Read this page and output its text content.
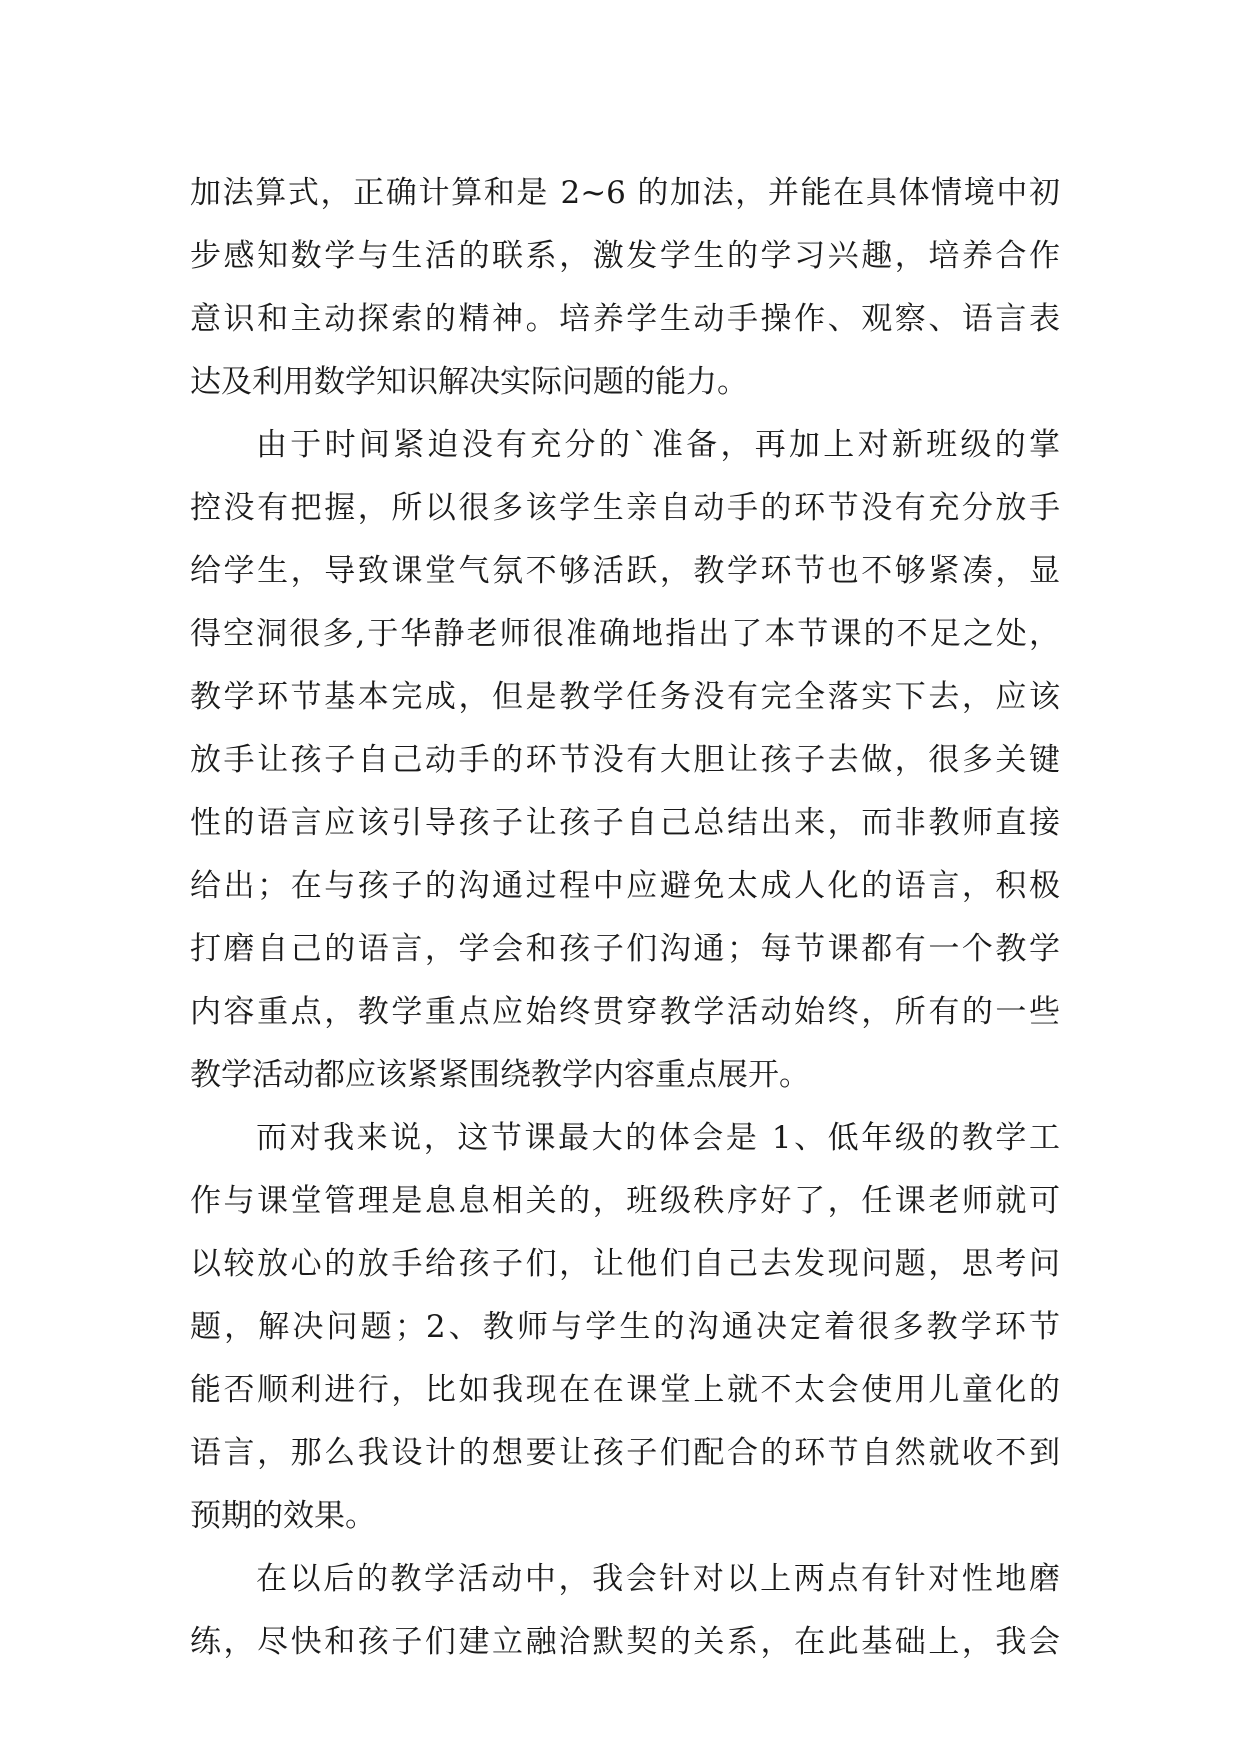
加法算式，正确计算和是 2~6 的加法，并能在具体情境中初
步感知数学与生活的联系，激发学生的学习兴趣，培养合作
意识和主动探索的精神。培养学生动手操作、观察、语言表
达及利用数学知识解决实际问题的能力。
由于时间紧迫没有充分的`准备，再加上对新班级的掌
控没有把握，所以很多该学生亲自动手的环节没有充分放手
给学生，导致课堂气氛不够活跃，教学环节也不够紧凑，显
得空洞很多,于华静老师很准确地指出了本节课的不足之处，
教学环节基本完成，但是教学任务没有完全落实下去，应该
放手让孩子自己动手的环节没有大胆让孩子去做，很多关键
性的语言应该引导孩子让孩子自己总结出来，而非教师直接
给出；在与孩子的沟通过程中应避免太成人化的语言，积极
打磨自己的语言，学会和孩子们沟通；每节课都有一个教学
内容重点，教学重点应始终贯穿教学活动始终，所有的一些
教学活动都应该紧紧围绕教学内容重点展开。
而对我来说，这节课最大的体会是 1、低年级的教学工
作与课堂管理是息息相关的，班级秩序好了，任课老师就可
以较放心的放手给孩子们，让他们自己去发现问题，思考问
题，解决问题；2、教师与学生的沟通决定着很多教学环节
能否顺利进行，比如我现在在课堂上就不太会使用儿童化的
语言，那么我设计的想要让孩子们配合的环节自然就收不到
预期的效果。
在以后的教学活动中，我会针对以上两点有针对性地磨
练，尽快和孩子们建立融洽默契的关系，在此基础上，我会
